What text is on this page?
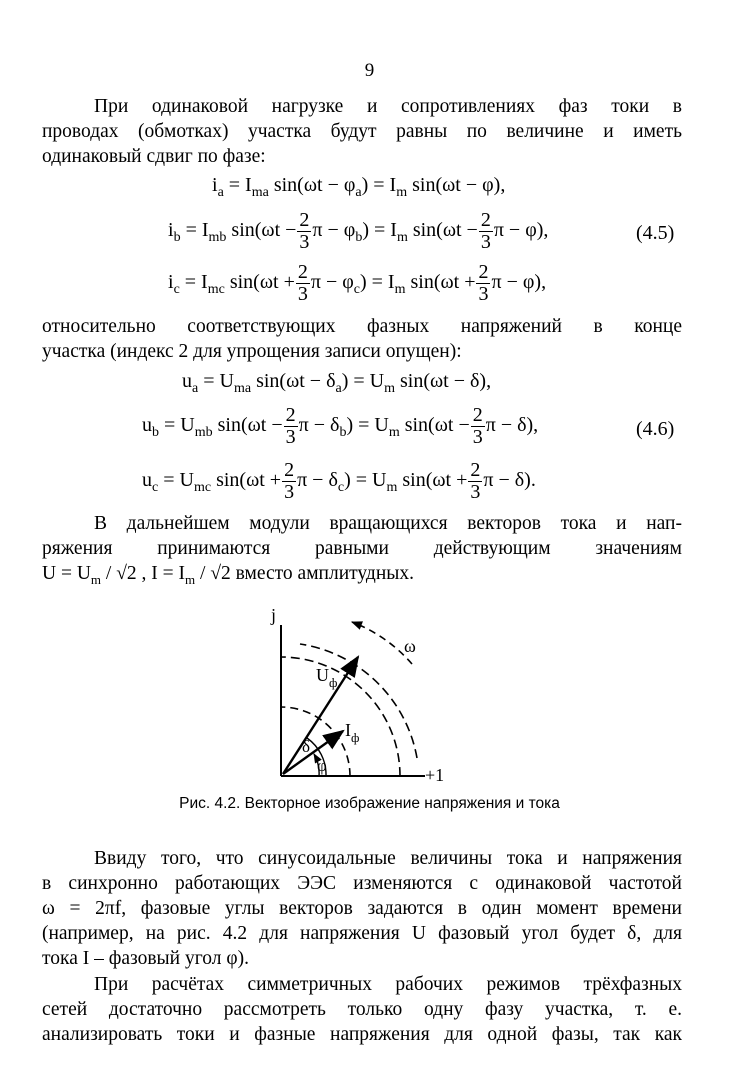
9
При одинаковой нагрузке и сопротивлениях фаз токи в
проводах (обмотках) участка будут равны по величине и иметь
одинаковый сдвиг по фазе:
$i_a = I_{ma}$ $\sin(\omega t - \varphi_a) = I_m$ sin(ωt − φ),
$i_b = I_{mb}$ $\sin(\omega t - \frac{2}{3}$ $\pi - \varphi_b) = I_m$ $\sin(\omega t - \frac{2}{3}$ π − φ),	(4.5)
$i_c = I_{mc}$ $\sin(\omega t + \frac{2}{3}$ $\pi - \varphi_c) = I_m$ $\sin(\omega t + \frac{2}{3}$ π − φ),
относительно соответствующих фазных напряжений в конце
участка (индекс 2 для упрощения записи опущен):
$u_a = U_{ma}$ $\sin(\omega t - \delta_a) = U_m$ sin(ωt − δ),
$u_b = U_{mb}$ $\sin(\omega t - \frac{2}{3}$ $\pi - \delta_b) = U_m$ $\sin(\omega t - \frac{2}{3}$ π − δ),	(4.6)
$u_c = U_{mc}$ $\sin(\omega t + \frac{2}{3}$ $\pi - \delta_c) = U_m$ $\sin(\omega t + \frac{2}{3}$ π − δ).
В дальнейшем модули вращающихся векторов тока и нап-
ряжения принимаются равными действующим значениям
$U = U_m / √2$ , $I = I_m / √2$ вместо амплитудных.
j
+1
ω
$U_ф$
$I_ф$
δ
φ
Рис. 4.2. Векторное изображение напряжения и тока
Ввиду того, что синусоидальные величины тока и напряжения
в синхронно работающих ЭЭС изменяются с одинаковой частотой
ω = 2πf, фазовые углы векторов задаются в один момент времени
(например, на рис. 4.2 для напряжения U фазовый угол будет δ, для
тока I – фазовый угол φ).
При расчётах симметричных рабочих режимов трёхфазных
сетей достаточно рассмотреть только одну фазу участка, т. е.
анализировать токи и фазные напряжения для одной фазы, так как
